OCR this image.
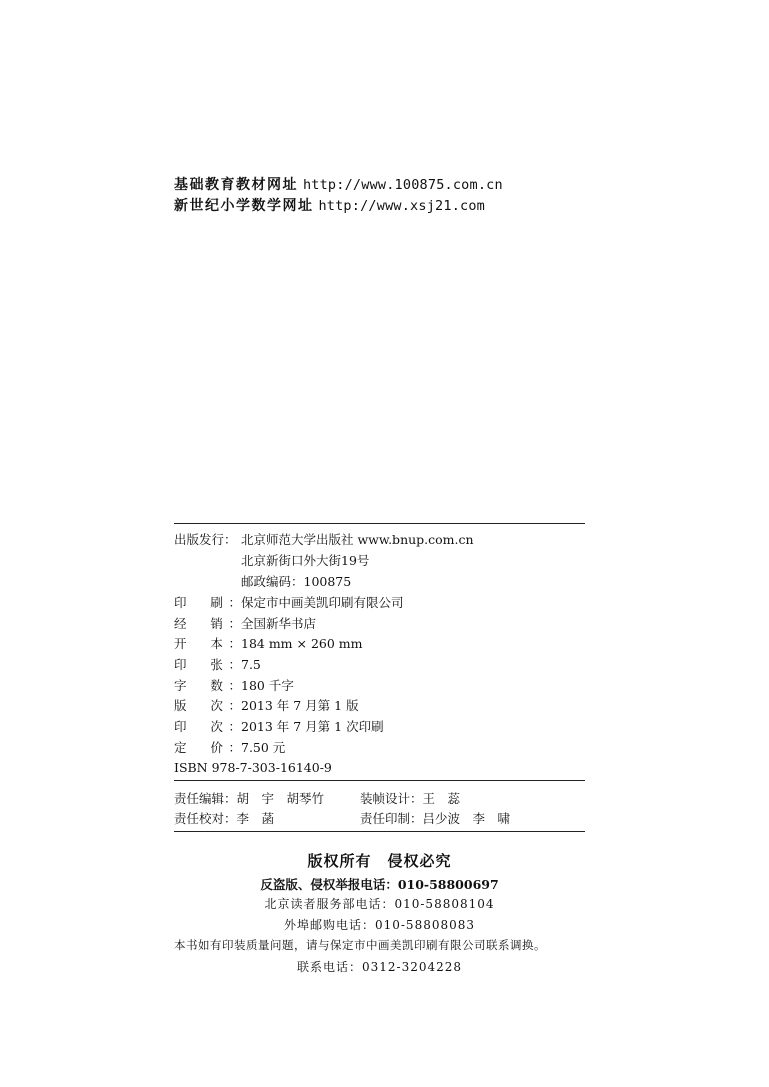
基础教育教材网址 http://www.100875.com.cn
新世纪小学数学网址 http://www.xsj21.com
出版发行： 北京师范大学出版社 www.bnup.com.cn
北京新街口外大街19号
邮政编码：100875
印　刷：保定市中画美凯印刷有限公司
经　销：全国新华书店
开　本：184 mm × 260 mm
印　张：7.5
字　数：180 千字
版　次：2013 年 7 月第 1 版
印　次：2013 年 7 月第 1 次印刷
定　价：7.50 元
ISBN 978-7-303-16140-9
责任编辑：胡　宇　胡琴竹	装帧设计：王　蕊
责任校对：李　菡	责任印制：吕少波　李　啸
版权所有　侵权必究
反盗版、侵权举报电话：010-58800697
北京读者服务部电话：010-58808104
外埠邮购电话：010-58808083
本书如有印装质量问题，请与保定市中画美凯印刷有限公司联系调换。
联系电话：0312-3204228
